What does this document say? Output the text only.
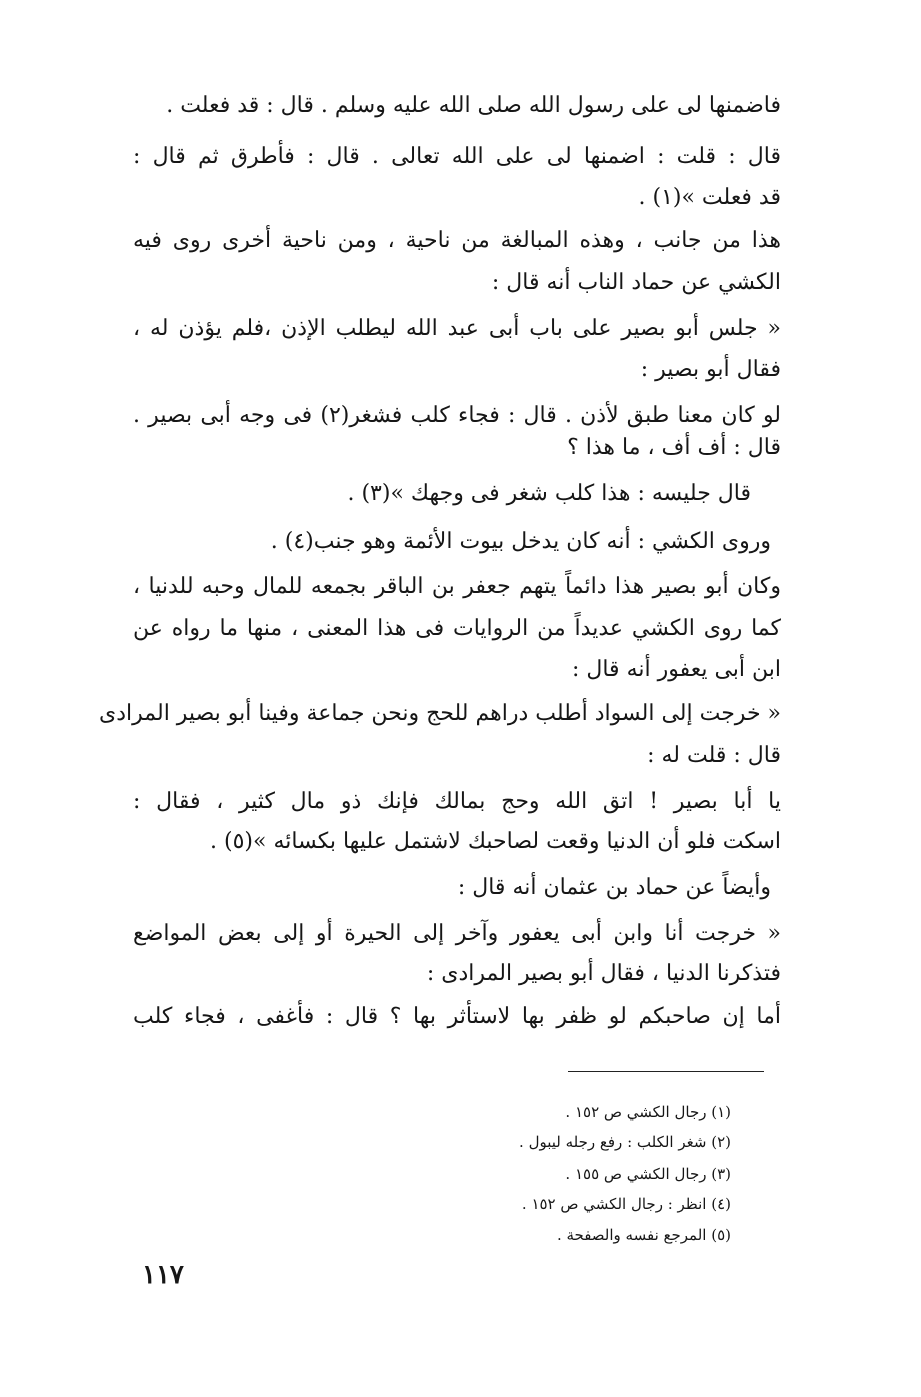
فاضمنها لى على رسول الله صلى الله عليه وسلم . قال : قد فعلت .
قال : قلت : اضمنها لى على الله تعالى . قال : فأطرق ثم قال :
قد فعلت »(١) .
هذا من جانب ، وهذه المبالغة من ناحية ، ومن ناحية أخرى روى فيه
الكشي عن حماد الناب أنه قال :
« جلس أبو بصير على باب أبى عبد الله ليطلب الإذن ،فلم يؤذن له ،
فقال أبو بصير :
لو كان معنا طبق لأذن . قال : فجاء كلب فشغر(٢) فى وجه أبى بصير .
قال : أف أف ، ما هذا ؟
قال جليسه : هذا كلب شغر فى وجهك »(٣) .
وروى الكشي : أنه كان يدخل بيوت الأئمة وهو جنب(٤) .
وكان أبو بصير هذا دائماً يتهم جعفر بن الباقر بجمعه للمال وحبه للدنيا ،
كما روى الكشي عديداً من الروايات فى هذا المعنى ، منها ما رواه عن
ابن أبى يعفور أنه قال :
« خرجت إلى السواد أطلب دراهم للحج ونحن جماعة وفينا أبو بصير المرادى
قال : قلت له :
يا أبا بصير ! اتق الله وحج بمالك فإنك ذو مال كثير ، فقال :
اسكت فلو أن الدنيا وقعت لصاحبك لاشتمل عليها بكسائه »(٥) .
وأيضاً عن حماد بن عثمان أنه قال :
« خرجت أنا وابن أبى يعفور وآخر إلى الحيرة أو إلى بعض المواضع
فتذكرنا الدنيا ، فقال أبو بصير المرادى :
أما إن صاحبكم لو ظفر بها لاستأثر بها ؟ قال : فأغفى ، فجاء كلب
(١) رجال الكشي ص ١٥٢ .
(٢) شغر الكلب : رفع رجله ليبول .
(٣) رجال الكشي ص ١٥٥ .
(٤) انظر : رجال الكشي ص ١٥٢ .
(٥) المرجع نفسه والصفحة .
١١٧
